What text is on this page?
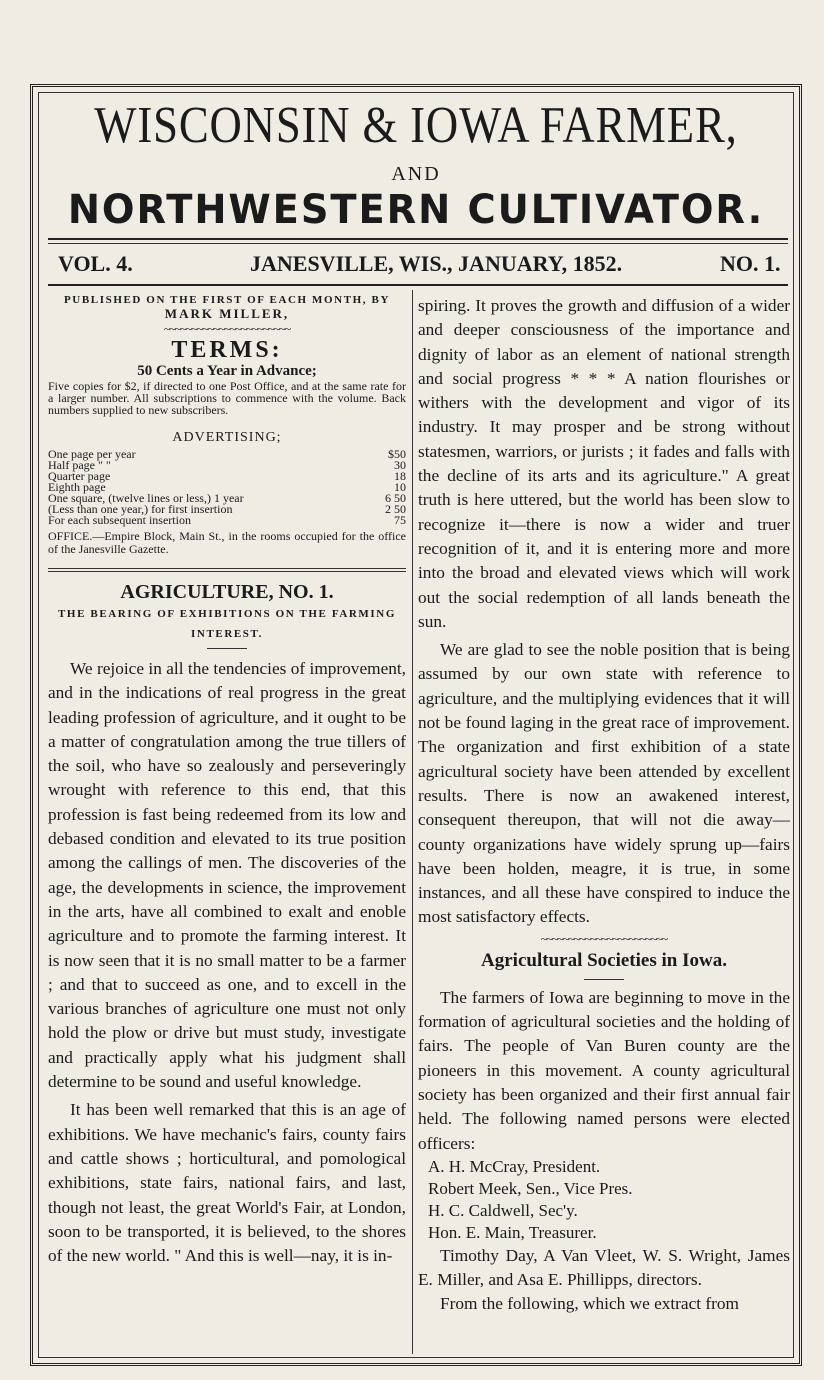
WISCONSIN & IOWA FARMER,
AND
NORTHWESTERN CULTIVATOR.
VOL. 4.	JANESVILLE, WIS., JANUARY, 1852.	NO. 1.
PUBLISHED ON THE FIRST OF EACH MONTH, BY
MARK MILLER,
~~~~~~~~~~~~~~~~~~~~~~~
TERMS:
50 Cents a Year in Advance;
Five copies for $2, if directed to one Post Office, and at the same rate for a larger number. All subscriptions to commence with the volume. Back numbers supplied to new subscribers.
ADVERTISING;
One page per year	$50
Half page " "	30
Quarter page	18
Eighth page	10
One square, (twelve lines or less,) 1 year	6 50
(Less than one year,) for first insertion	2 50
For each subsequent insertion	75
OFFICE.—Empire Block, Main St., in the rooms occupied for the office of the Janesville Gazette.
AGRICULTURE, NO. 1.
THE BEARING OF EXHIBITIONS ON THE FARMING INTEREST.

We rejoice in all the tendencies of improvement, and in the indications of real progress in the great leading profession of agriculture, and it ought to be a matter of congratulation among the true tillers of the soil, who have so zealously and perseveringly wrought with reference to this end, that this profession is fast being redeemed from its low and debased condition and elevated to its true position among the callings of men. The discoveries of the age, the developments in science, the improvement in the arts, have all combined to exalt and enoble agriculture and to promote the farming interest. It is now seen that it is no small matter to be a farmer ; and that to succeed as one, and to excell in the various branches of agriculture one must not only hold the plow or drive but must study, investigate and practically apply what his judgment shall determine to be sound and useful knowledge.

It has been well remarked that this is an age of exhibitions. We have mechanic's fairs, county fairs and cattle shows ; horticultural, and pomological exhibitions, state fairs, national fairs, and last, though not least, the great World's Fair, at London, soon to be transported, it is believed, to the shores of the new world. " And this is well—nay, it is in-

spiring. It proves the growth and diffusion of a wider and deeper consciousness of the importance and dignity of labor as an element of national strength and social progress * * * A nation flourishes or withers with the development and vigor of its industry. It may prosper and be strong without statesmen, warriors, or jurists ; it fades and falls with the decline of its arts and its agriculture." A great truth is here uttered, but the world has been slow to recognize it—there is now a wider and truer recognition of it, and it is entering more and more into the broad and elevated views which will work out the social redemption of all lands beneath the sun.

We are glad to see the noble position that is being assumed by our own state with reference to agriculture, and the multiplying evidences that it will not be found laging in the great race of improvement. The organization and first exhibition of a state agricultural society have been attended by excellent results. There is now an awakened interest, consequent thereupon, that will not die away—county organizations have widely sprung up—fairs have been holden, meagre, it is true, in some instances, and all these have conspired to induce the most satisfactory effects.

~~~~~~~~~~~~~~~~~~~~~~~
Agricultural Societies in Iowa.

The farmers of Iowa are beginning to move in the formation of agricultural societies and the holding of fairs. The people of Van Buren county are the pioneers in this movement. A county agricultural society has been organized and their first annual fair held. The following named persons were elected officers:

A. H. McCray, President.
Robert Meek, Sen., Vice Pres.
H. C. Caldwell, Sec'y.
Hon. E. Main, Treasurer.

Timothy Day, A Van Vleet, W. S. Wright, James E. Miller, and Asa E. Phillipps, directors.

From the following, which we extract from
